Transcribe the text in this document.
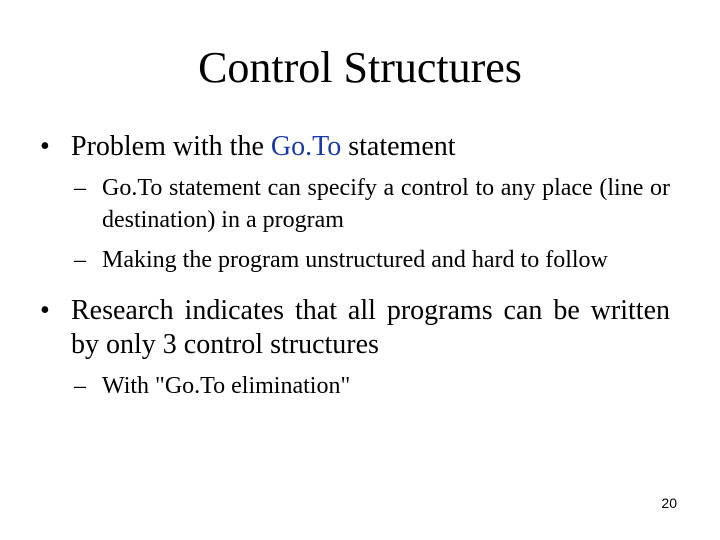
Control Structures
• Problem with the Go.To statement
– Go.To statement can specify a control to any place (line or destination) in a program
– Making the program unstructured and hard to follow
• Research indicates that all programs can be written by only 3 control structures
– With "Go.To elimination"
20
